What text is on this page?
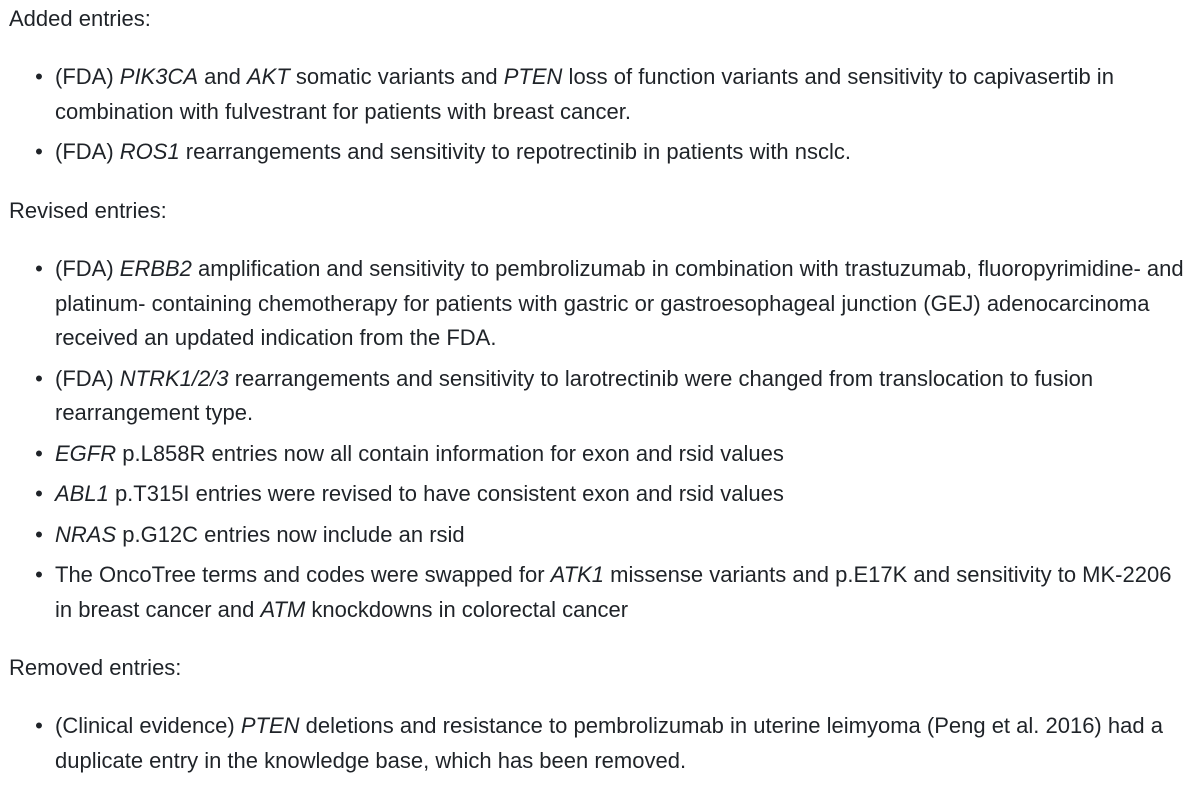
Added entries:
• (FDA) PIK3CA and AKT somatic variants and PTEN loss of function variants and sensitivity to capivasertib in combination with fulvestrant for patients with breast cancer.
• (FDA) ROS1 rearrangements and sensitivity to repotrectinib in patients with nsclc.
Revised entries:
• (FDA) ERBB2 amplification and sensitivity to pembrolizumab in combination with trastuzumab, fluoropyrimidine- and platinum- containing chemotherapy for patients with gastric or gastroesophageal junction (GEJ) adenocarcinoma received an updated indication from the FDA.
• (FDA) NTRK1/2/3 rearrangements and sensitivity to larotrectinib were changed from translocation to fusion rearrangement type.
• EGFR p.L858R entries now all contain information for exon and rsid values
• ABL1 p.T315I entries were revised to have consistent exon and rsid values
• NRAS p.G12C entries now include an rsid
• The OncoTree terms and codes were swapped for ATK1 missense variants and p.E17K and sensitivity to MK-2206 in breast cancer and ATM knockdowns in colorectal cancer
Removed entries:
• (Clinical evidence) PTEN deletions and resistance to pembrolizumab in uterine leimyoma (Peng et al. 2016) had a duplicate entry in the knowledge base, which has been removed.
